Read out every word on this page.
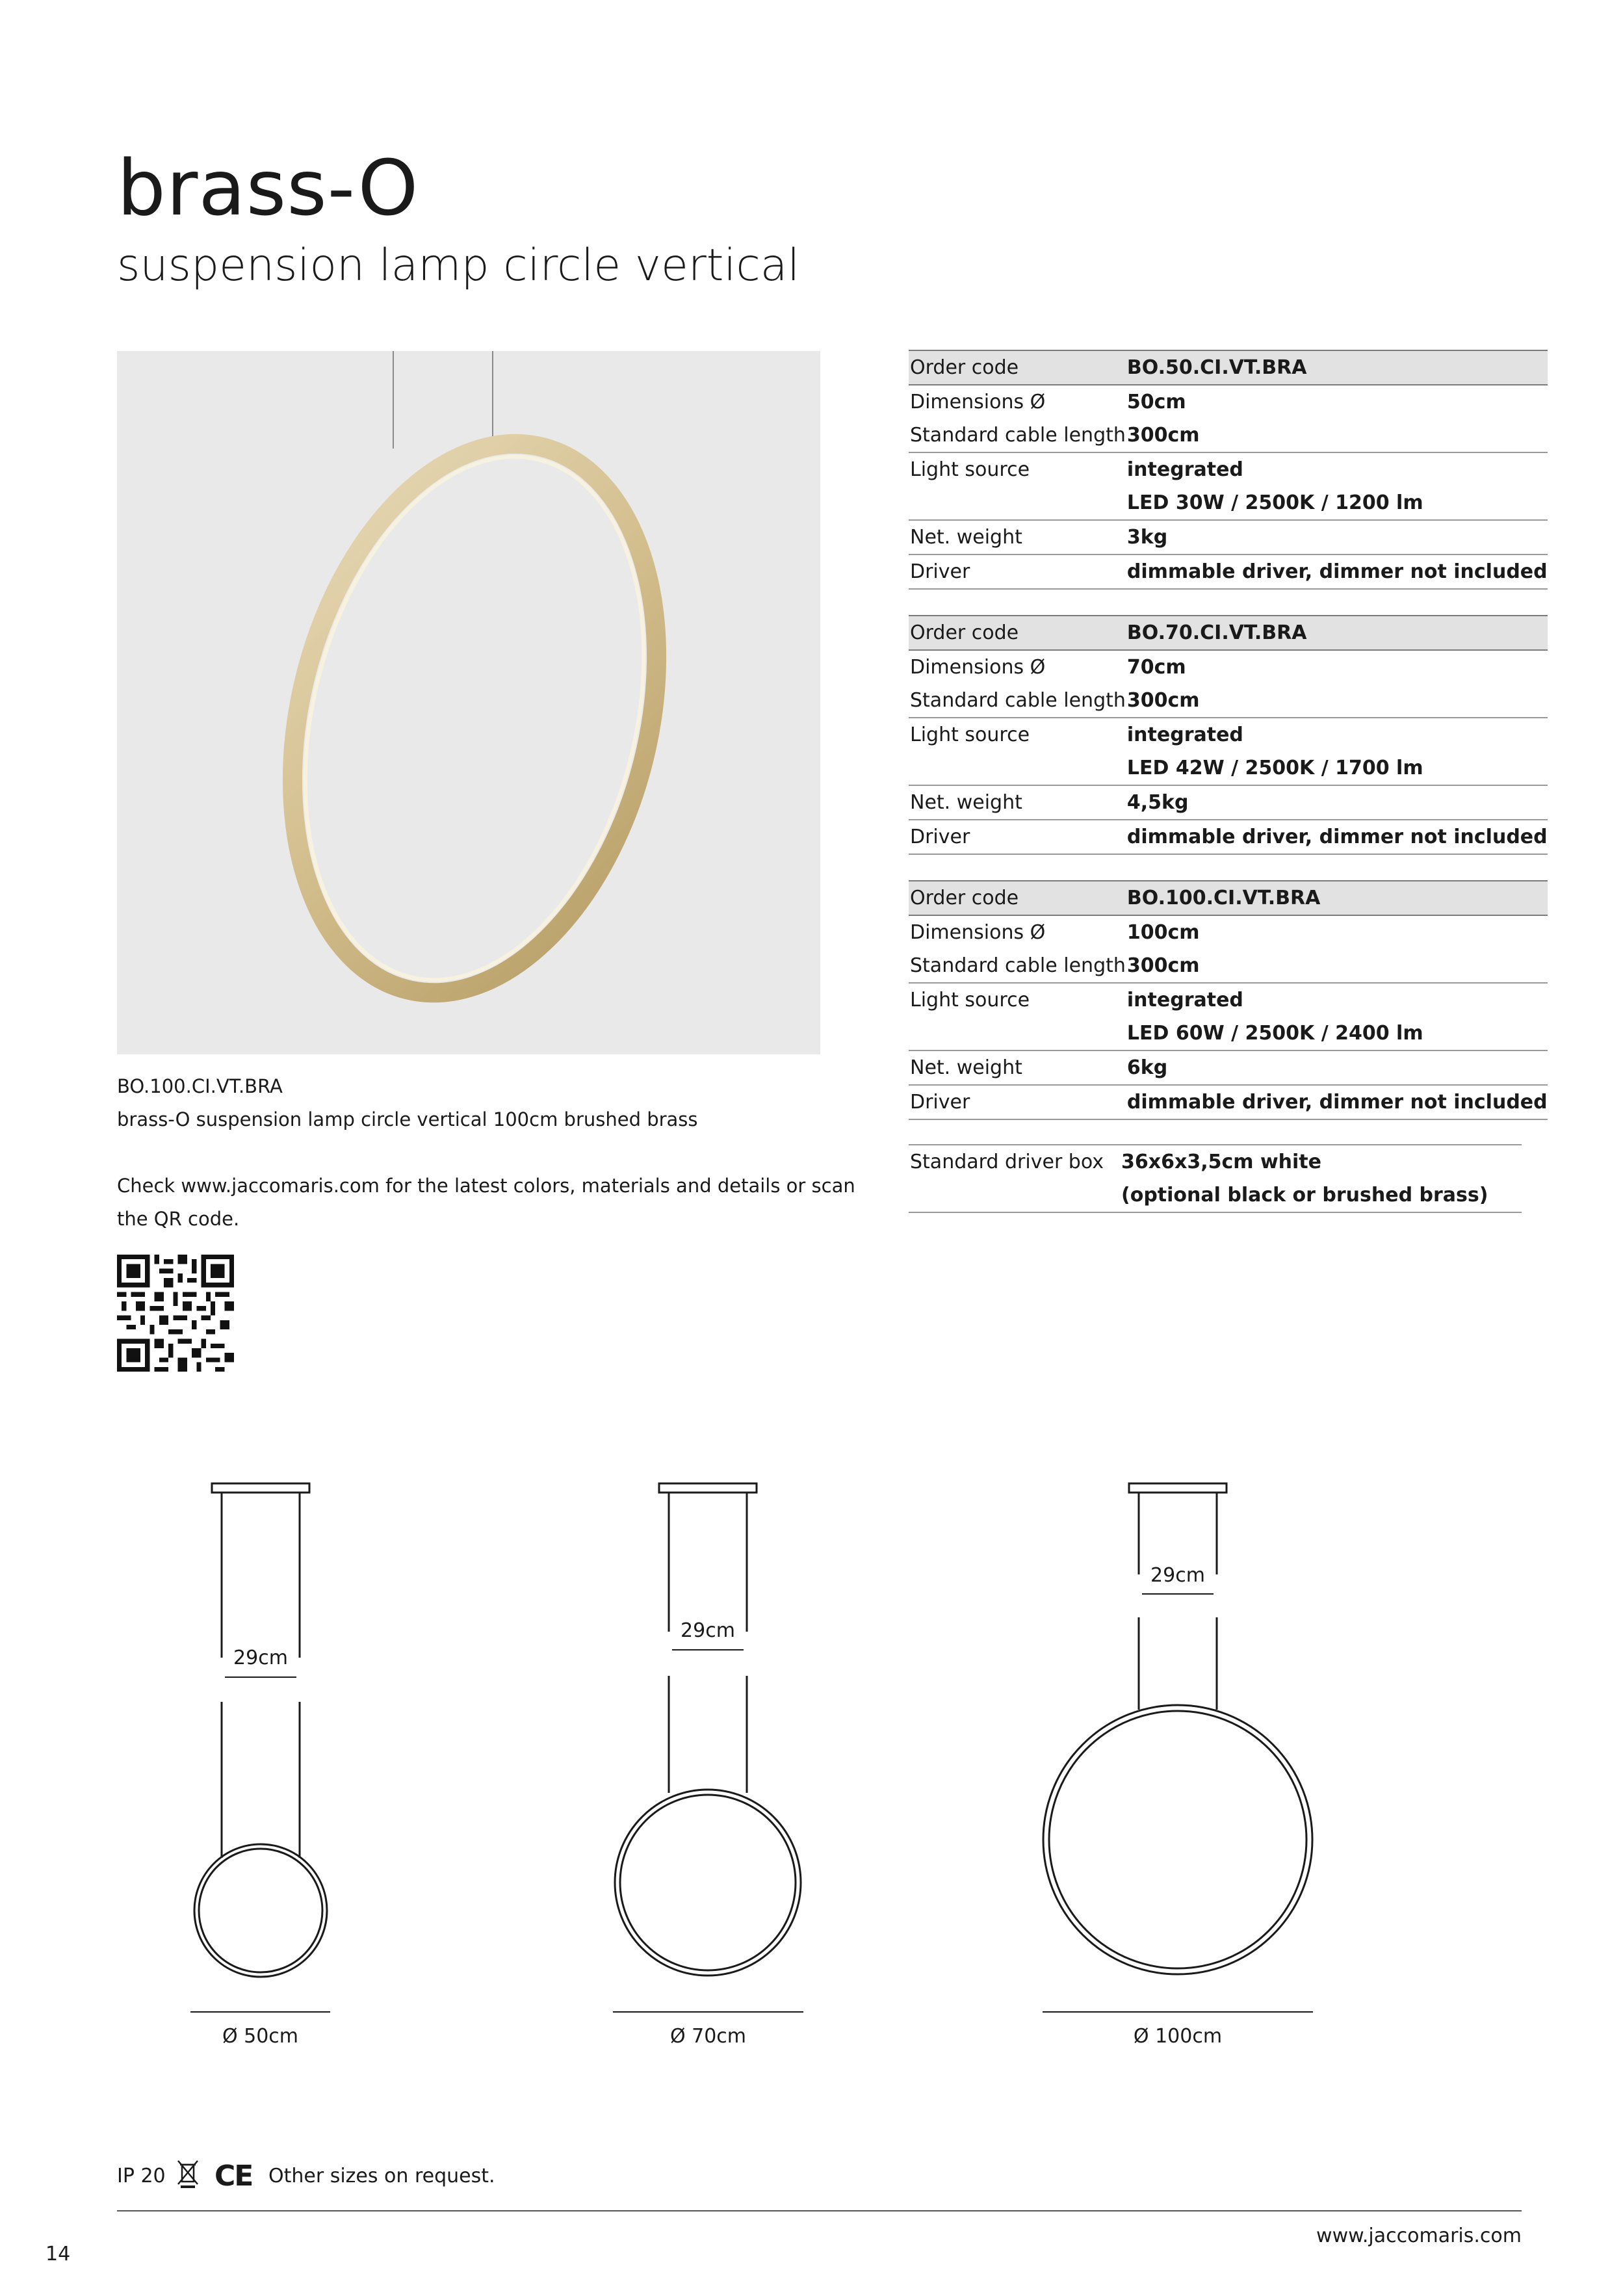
brass-O
suspension lamp circle vertical
BO.100.CI.VT.BRA
brass-O suspension lamp circle vertical 100cm brushed brass
Check www.jaccomaris.com for the latest colors, materials and details or scan
the QR code.
Order code	BO.50.CI.VT.BRA
Dimensions Ø	50cm
Standard cable length	300cm
Light source	integrated
	LED 30W / 2500K / 1200 lm
Net. weight	3kg
Driver	dimmable driver, dimmer not included
Order code	BO.70.CI.VT.BRA
Dimensions Ø	70cm
Standard cable length	300cm
Light source	integrated
	LED 42W / 2500K / 1700 lm
Net. weight	4,5kg
Driver	dimmable driver, dimmer not included
Order code	BO.100.CI.VT.BRA
Dimensions Ø	100cm
Standard cable length	300cm
Light source	integrated
	LED 60W / 2500K / 2400 lm
Net. weight	6kg
Driver	dimmable driver, dimmer not included
Standard driver box	36x6x3,5cm white
	(optional black or brushed brass)
29cm
Ø 50cm
29cm
Ø 70cm
29cm
Ø 100cm
IP 20 CE Other sizes on request.
www.jaccomaris.com
14
